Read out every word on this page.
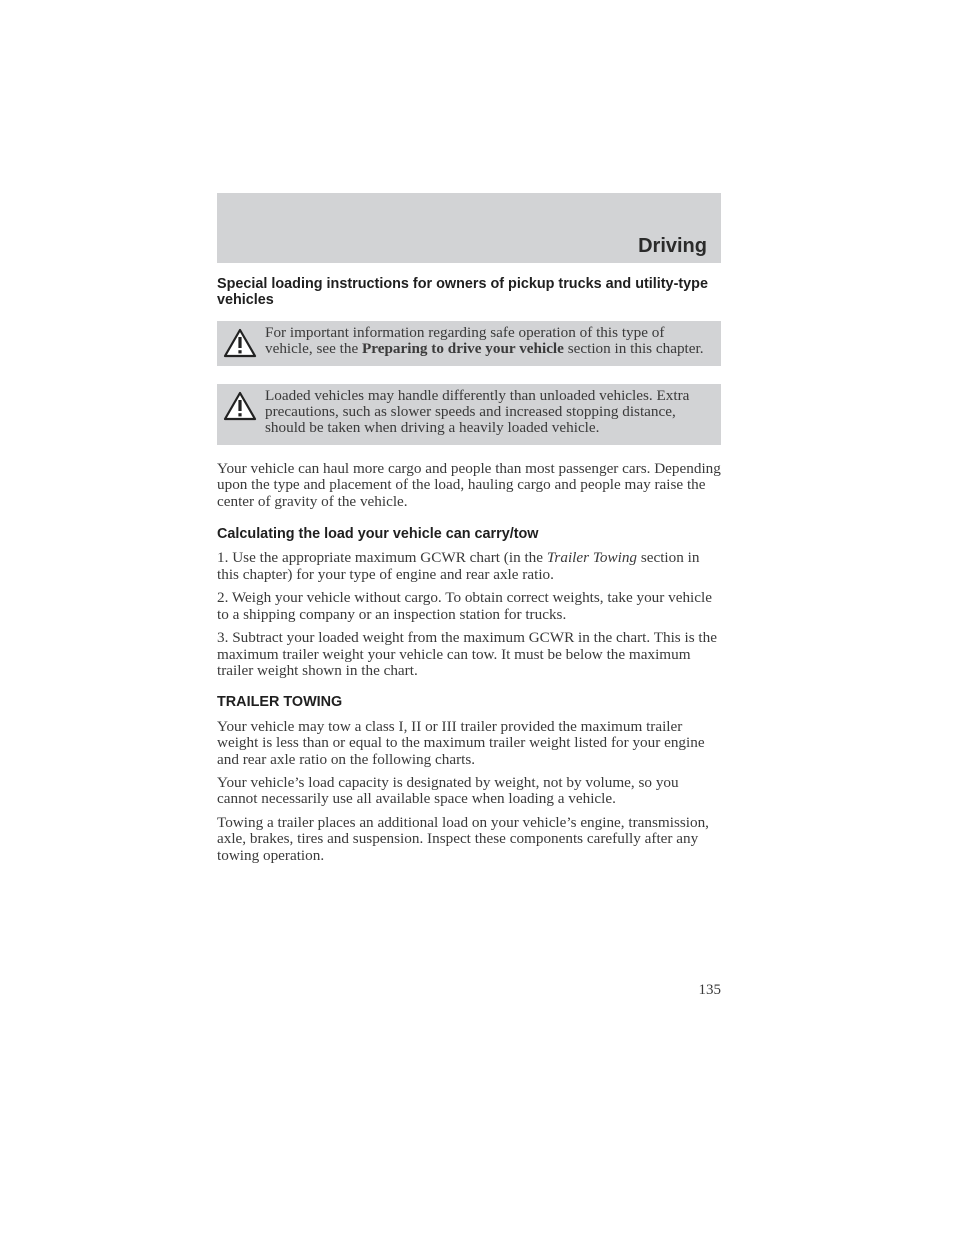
Driving
Special loading instructions for owners of pickup trucks and utility-type vehicles
For important information regarding safe operation of this type of vehicle, see the Preparing to drive your vehicle section in this chapter.
Loaded vehicles may handle differently than unloaded vehicles. Extra precautions, such as slower speeds and increased stopping distance, should be taken when driving a heavily loaded vehicle.

Your vehicle can haul more cargo and people than most passenger cars. Depending upon the type and placement of the load, hauling cargo and people may raise the center of gravity of the vehicle.

Calculating the load your vehicle can carry/tow

1. Use the appropriate maximum GCWR chart (in the Trailer Towing section in this chapter) for your type of engine and rear axle ratio.

2. Weigh your vehicle without cargo. To obtain correct weights, take your vehicle to a shipping company or an inspection station for trucks.

3. Subtract your loaded weight from the maximum GCWR in the chart. This is the maximum trailer weight your vehicle can tow. It must be below the maximum trailer weight shown in the chart.

TRAILER TOWING

Your vehicle may tow a class I, II or III trailer provided the maximum trailer weight is less than or equal to the maximum trailer weight listed for your engine and rear axle ratio on the following charts.

Your vehicle’s load capacity is designated by weight, not by volume, so you cannot necessarily use all available space when loading a vehicle.

Towing a trailer places an additional load on your vehicle’s engine, transmission, axle, brakes, tires and suspension. Inspect these components carefully after any towing operation.

135
